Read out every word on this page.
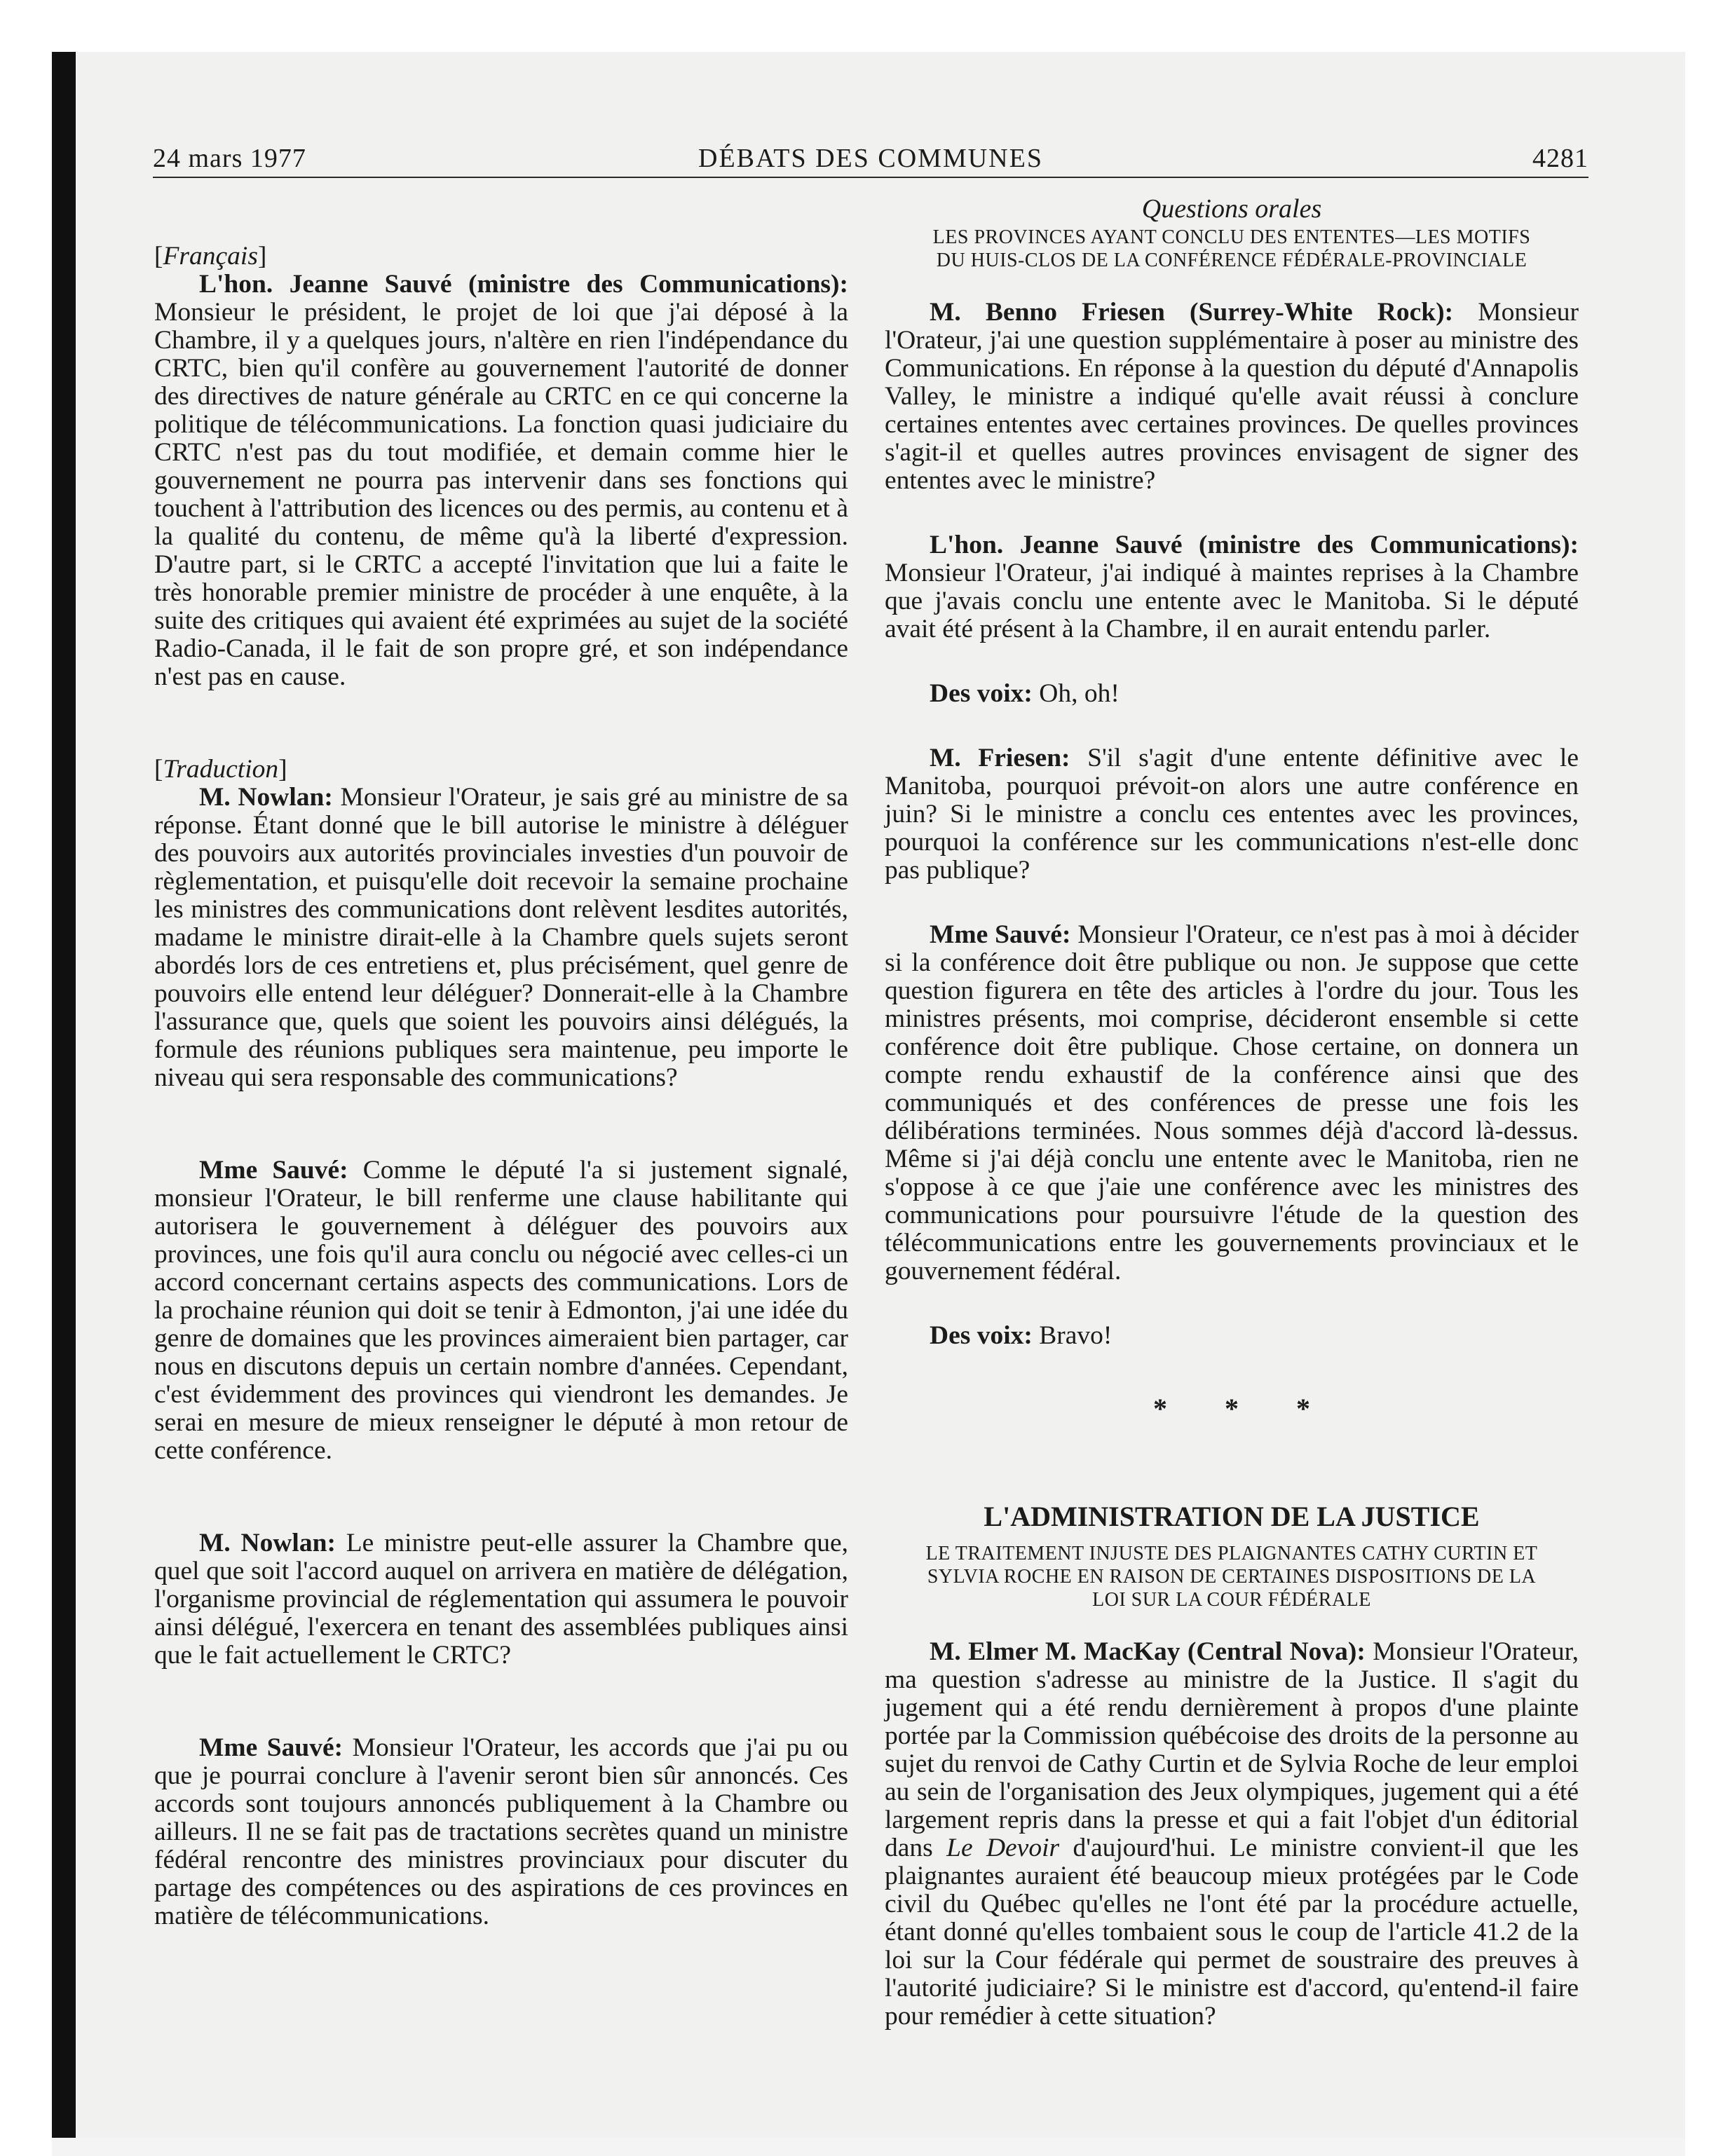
DÉBATS DES COMMUNES
24 mars 1977	4281
[Français]

L'hon. Jeanne Sauvé (ministre des Communications): Monsieur le président, le projet de loi que j'ai déposé à la Chambre, il y a quelques jours, n'altère en rien l'indépendance du CRTC, bien qu'il confère au gouvernement l'autorité de donner des directives de nature générale au CRTC en ce qui concerne la politique de télécommunications. La fonction quasi judiciaire du CRTC n'est pas du tout modifiée, et demain comme hier le gouvernement ne pourra pas intervenir dans ses fonctions qui touchent à l'attribution des licences ou des permis, au contenu et à la qualité du contenu, de même qu'à la liberté d'expression. D'autre part, si le CRTC a accepté l'invitation que lui a faite le très honorable premier ministre de procéder à une enquête, à la suite des critiques qui avaient été exprimées au sujet de la société Radio-Canada, il le fait de son propre gré, et son indépendance n'est pas en cause.

[Traduction]

M. Nowlan: Monsieur l'Orateur, je sais gré au ministre de sa réponse. Étant donné que le bill autorise le ministre à déléguer des pouvoirs aux autorités provinciales investies d'un pouvoir de règlementation, et puisqu'elle doit recevoir la semaine prochaine les ministres des communications dont relèvent lesdites autorités, madame le ministre dirait-elle à la Chambre quels sujets seront abordés lors de ces entretiens et, plus précisément, quel genre de pouvoirs elle entend leur déléguer? Donnerait-elle à la Chambre l'assurance que, quels que soient les pouvoirs ainsi délégués, la formule des réunions publiques sera maintenue, peu importe le niveau qui sera responsable des communications?

Mme Sauvé: Comme le député l'a si justement signalé, monsieur l'Orateur, le bill renferme une clause habilitante qui autorisera le gouvernement à déléguer des pouvoirs aux provinces, une fois qu'il aura conclu ou négocié avec celles-ci un accord concernant certains aspects des communications. Lors de la prochaine réunion qui doit se tenir à Edmonton, j'ai une idée du genre de domaines que les provinces aimeraient bien partager, car nous en discutons depuis un certain nombre d'années. Cependant, c'est évidemment des provinces qui viendront les demandes. Je serai en mesure de mieux renseigner le député à mon retour de cette conférence.

M. Nowlan: Le ministre peut-elle assurer la Chambre que, quel que soit l'accord auquel on arrivera en matière de délégation, l'organisme provincial de réglementation qui assumera le pouvoir ainsi délégué, l'exercera en tenant des assemblées publiques ainsi que le fait actuellement le CRTC?

Mme Sauvé: Monsieur l'Orateur, les accords que j'ai pu ou que je pourrai conclure à l'avenir seront bien sûr annoncés. Ces accords sont toujours annoncés publiquement à la Chambre ou ailleurs. Il ne se fait pas de tractations secrètes quand un ministre fédéral rencontre des ministres provinciaux pour discuter du partage des compétences ou des aspirations de ces provinces en matière de télécommunications.

Questions orales
LES PROVINCES AYANT CONCLU DES ENTENTES—LES MOTIFS
DU HUIS-CLOS DE LA CONFÉRENCE FÉDÉRALE-PROVINCIALE

M. Benno Friesen (Surrey-White Rock): Monsieur l'Orateur, j'ai une question supplémentaire à poser au ministre des Communications. En réponse à la question du député d'Annapolis Valley, le ministre a indiqué qu'elle avait réussi à conclure certaines ententes avec certaines provinces. De quelles provinces s'agit-il et quelles autres provinces envisagent de signer des ententes avec le ministre?

L'hon. Jeanne Sauvé (ministre des Communications): Monsieur l'Orateur, j'ai indiqué à maintes reprises à la Chambre que j'avais conclu une entente avec le Manitoba. Si le député avait été présent à la Chambre, il en aurait entendu parler.

Des voix: Oh, oh!

M. Friesen: S'il s'agit d'une entente définitive avec le Manitoba, pourquoi prévoit-on alors une autre conférence en juin? Si le ministre a conclu ces ententes avec les provinces, pourquoi la conférence sur les communications n'est-elle donc pas publique?

Mme Sauvé: Monsieur l'Orateur, ce n'est pas à moi à décider si la conférence doit être publique ou non. Je suppose que cette question figurera en tête des articles à l'ordre du jour. Tous les ministres présents, moi comprise, décideront ensemble si cette conférence doit être publique. Chose certaine, on donnera un compte rendu exhaustif de la conférence ainsi que des communiqués et des conférences de presse une fois les délibérations terminées. Nous sommes déjà d'accord là-dessus. Même si j'ai déjà conclu une entente avec le Manitoba, rien ne s'oppose à ce que j'aie une conférence avec les ministres des communications pour poursuivre l'étude de la question des télécommunications entre les gouvernements provinciaux et le gouvernement fédéral.

Des voix: Bravo!

* * *
L'ADMINISTRATION DE LA JUSTICE
LE TRAITEMENT INJUSTE DES PLAIGNANTES CATHY CURTIN ET
SYLVIA ROCHE EN RAISON DE CERTAINES DISPOSITIONS DE LA
LOI SUR LA COUR FÉDÉRALE

M. Elmer M. MacKay (Central Nova): Monsieur l'Orateur, ma question s'adresse au ministre de la Justice. Il s'agit du jugement qui a été rendu dernièrement à propos d'une plainte portée par la Commission québécoise des droits de la personne au sujet du renvoi de Cathy Curtin et de Sylvia Roche de leur emploi au sein de l'organisation des Jeux olympiques, jugement qui a été largement repris dans la presse et qui a fait l'objet d'un éditorial dans Le Devoir d'aujourd'hui. Le ministre convient-il que les plaignantes auraient été beaucoup mieux protégées par le Code civil du Québec qu'elles ne l'ont été par la procédure actuelle, étant donné qu'elles tombaient sous le coup de l'article 41.2 de la loi sur la Cour fédérale qui permet de soustraire des preuves à l'autorité judiciaire? Si le ministre est d'accord, qu'entend-il faire pour remédier à cette situation?
